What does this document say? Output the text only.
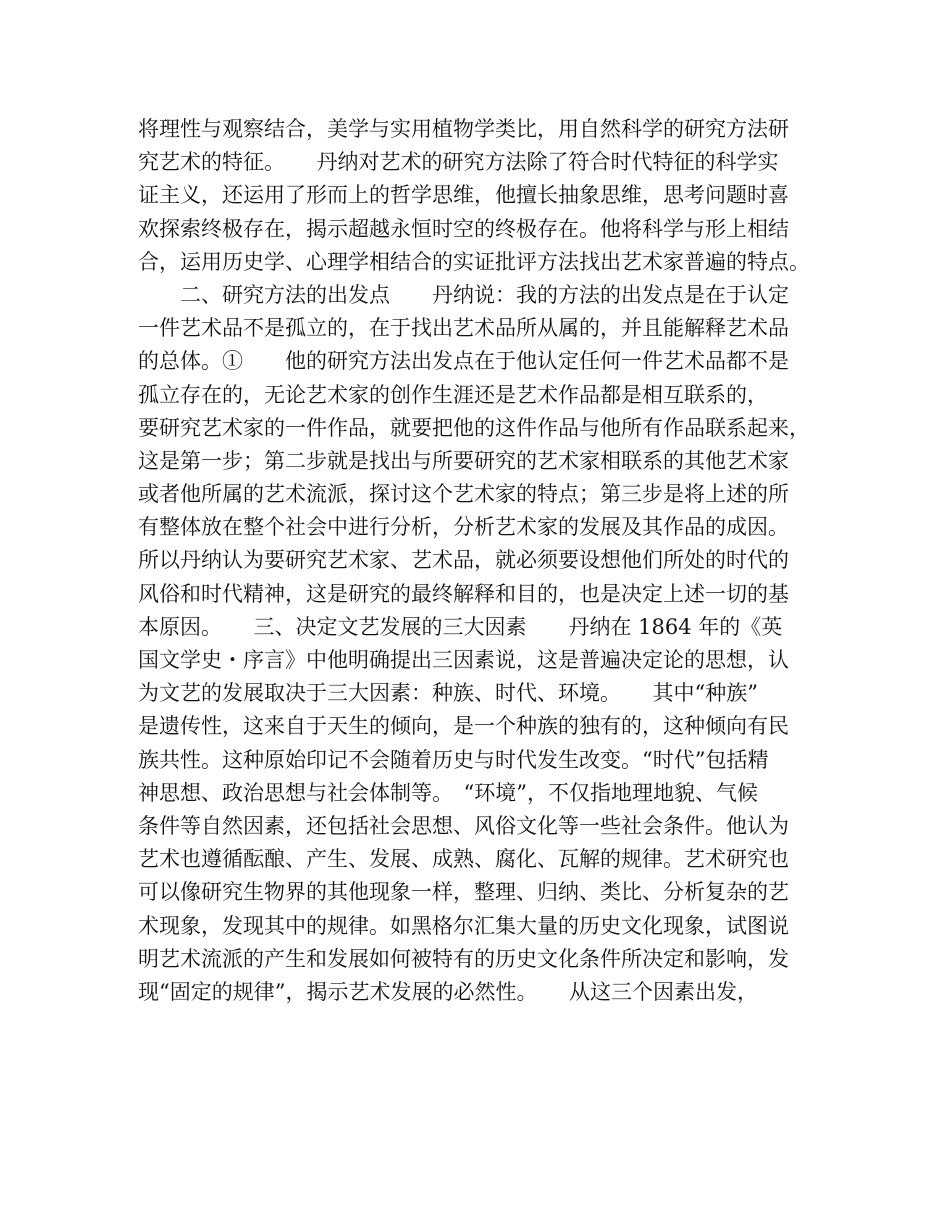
将理性与观察结合，美学与实用植物学类比，用自然科学的研究方法研
究艺术的特征。　　丹纳对艺术的研究方法除了符合时代特征的科学实
证主义，还运用了形而上的哲学思维，他擅长抽象思维，思考问题时喜
欢探索终极存在，揭示超越永恒时空的终极存在。他将科学与形上相结
合，运用历史学、心理学相结合的实证批评方法找出艺术家普遍的特点。
二、研究方法的出发点　　丹纳说：我的方法的出发点是在于认定
一件艺术品不是孤立的，在于找出艺术品所从属的，并且能解释艺术品
的总体。①　　他的研究方法出发点在于他认定任何一件艺术品都不是
孤立存在的，无论艺术家的创作生涯还是艺术作品都是相互联系的，
要研究艺术家的一件作品，就要把他的这件作品与他所有作品联系起来，
这是第一步；第二步就是找出与所要研究的艺术家相联系的其他艺术家
或者他所属的艺术流派，探讨这个艺术家的特点；第三步是将上述的所
有整体放在整个社会中进行分析，分析艺术家的发展及其作品的成因。
所以丹纳认为要研究艺术家、艺术品，就必须要设想他们所处的时代的
风俗和时代精神，这是研究的最终解释和目的，也是决定上述一切的基
本原因。　　三、决定文艺发展的三大因素　　丹纳在 1864 年的《英
国文学史・序言》中他明确提出三因素说，这是普遍决定论的思想，认
为文艺的发展取决于三大因素：种族、时代、环境。　　其中“种族”
是遗传性，这来自于天生的倾向，是一个种族的独有的，这种倾向有民
族共性。这种原始印记不会随着历史与时代发生改变。“时代”包括精
神思想、政治思想与社会体制等。　“环境”，不仅指地理地貌、气候
条件等自然因素，还包括社会思想、风俗文化等一些社会条件。他认为
艺术也遵循酝酿、产生、发展、成熟、腐化、瓦解的规律。艺术研究也
可以像研究生物界的其他现象一样，整理、归纳、类比、分析复杂的艺
术现象，发现其中的规律。如黑格尔汇集大量的历史文化现象，试图说
明艺术流派的产生和发展如何被特有的历史文化条件所决定和影响，发
现“固定的规律”，揭示艺术发展的必然性。　　从这三个因素出发，
